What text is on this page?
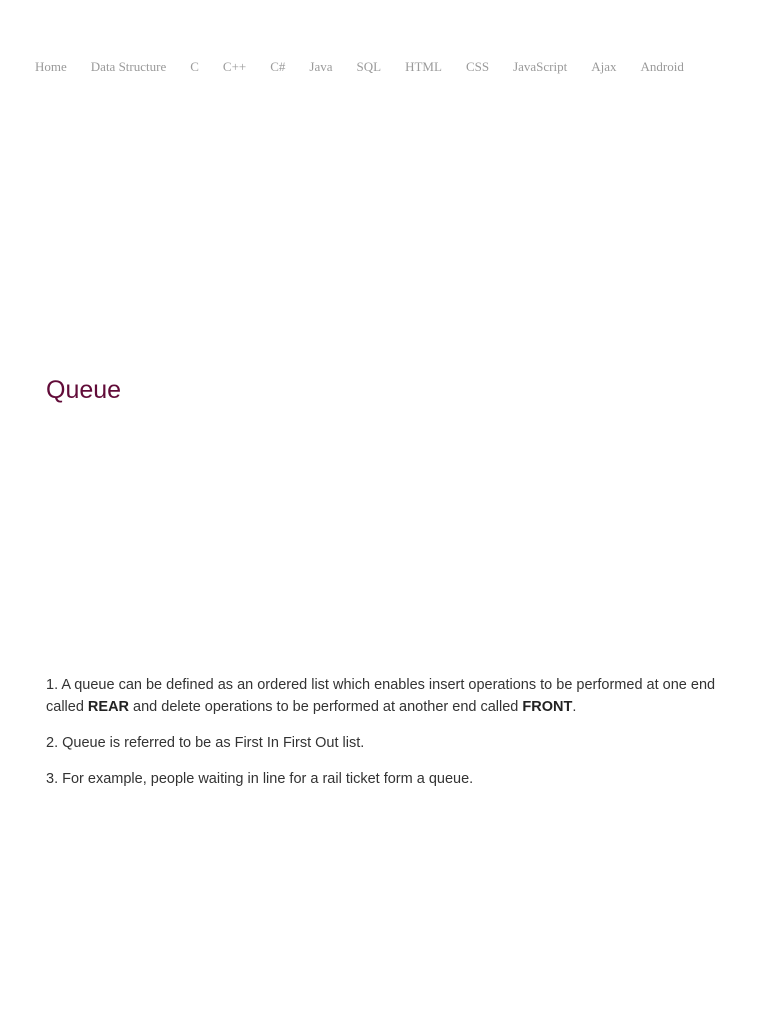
Home Data Structure C C++ C# Java SQL HTML CSS JavaScript Ajax Android
Queue

1. A queue can be defined as an ordered list which enables insert operations to be performed at one end called REAR and delete operations to be performed at another end called FRONT.

2. Queue is referred to be as First In First Out list.

3. For example, people waiting in line for a rail ticket form a queue.
